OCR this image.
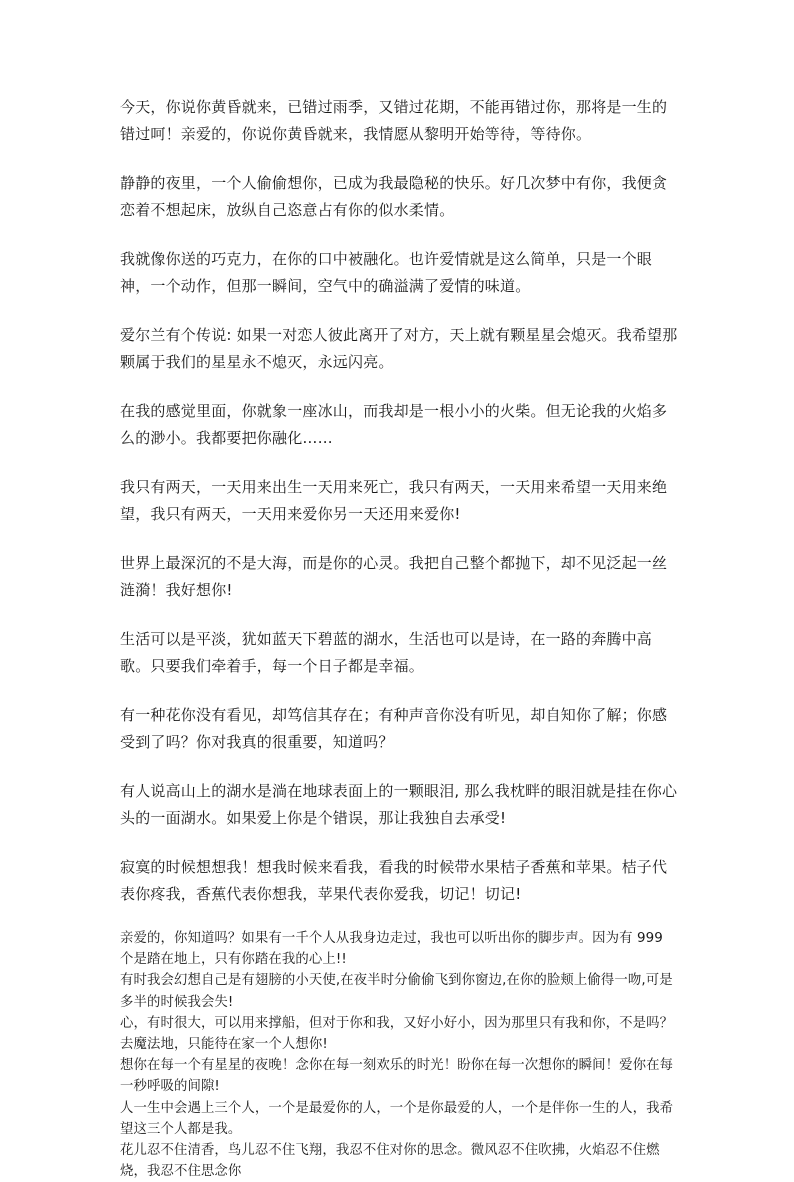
今天，你说你黄昏就来，已错过雨季，又错过花期，不能再错过你，那将是一生的错过呵！亲爱的，你说你黄昏就来，我情愿从黎明开始等待，等待你。

静静的夜里，一个人偷偷想你，已成为我最隐秘的快乐。好几次梦中有你，我便贪恋着不想起床，放纵自己恣意占有你的似水柔情。

我就像你送的巧克力，在你的口中被融化。也许爱情就是这么简单，只是一个眼神，一个动作，但那一瞬间，空气中的确溢满了爱情的味道。

爱尔兰有个传说: 如果一对恋人彼此离开了对方，天上就有颗星星会熄灭。我希望那颗属于我们的星星永不熄灭，永远闪亮。

在我的感觉里面，你就象一座冰山，而我却是一根小小的火柴。但无论我的火焰多么的渺小。我都要把你融化……

我只有两天，一天用来出生一天用来死亡，我只有两天，一天用来希望一天用来绝望，我只有两天，一天用来爱你另一天还用来爱你!

世界上最深沉的不是大海，而是你的心灵。我把自己整个都抛下，却不见泛起一丝涟漪！我好想你!

生活可以是平淡，犹如蓝天下碧蓝的湖水，生活也可以是诗，在一路的奔腾中高歌。只要我们牵着手，每一个日子都是幸福。

有一种花你没有看见，却笃信其存在；有种声音你没有听见，却自知你了解；你感受到了吗？你对我真的很重要，知道吗？

有人说高山上的湖水是淌在地球表面上的一颗眼泪, 那么我枕畔的眼泪就是挂在你心头的一面湖水。如果爱上你是个错误，那让我独自去承受!

寂寞的时候想想我！想我时候来看我，看我的时候带水果桔子香蕉和苹果。桔子代表你疼我，香蕉代表你想我，苹果代表你爱我，切记！切记!

亲爱的，你知道吗？如果有一千个人从我身边走过，我也可以听出你的脚步声。因为有 999 个是踏在地上，只有你踏在我的心上!!

有时我会幻想自己是有翅膀的小天使,在夜半时分偷偷飞到你窗边,在你的脸颊上偷得一吻,可是多半的时候我会失!

心，有时很大，可以用来撑船，但对于你和我，又好小好小，因为那里只有我和你，不是吗？去魔法地，只能待在家一个人想你!

想你在每一个有星星的夜晚！念你在每一刻欢乐的时光！盼你在每一次想你的瞬间！爱你在每一秒呼吸的间隙!

人一生中会遇上三个人，一个是最爱你的人，一个是你最爱的人，一个是伴你一生的人，我希望这三个人都是我。

花儿忍不住清香，鸟儿忍不住飞翔，我忍不住对你的思念。微风忍不住吹拂，火焰忍不住燃烧，我忍不住思念你
